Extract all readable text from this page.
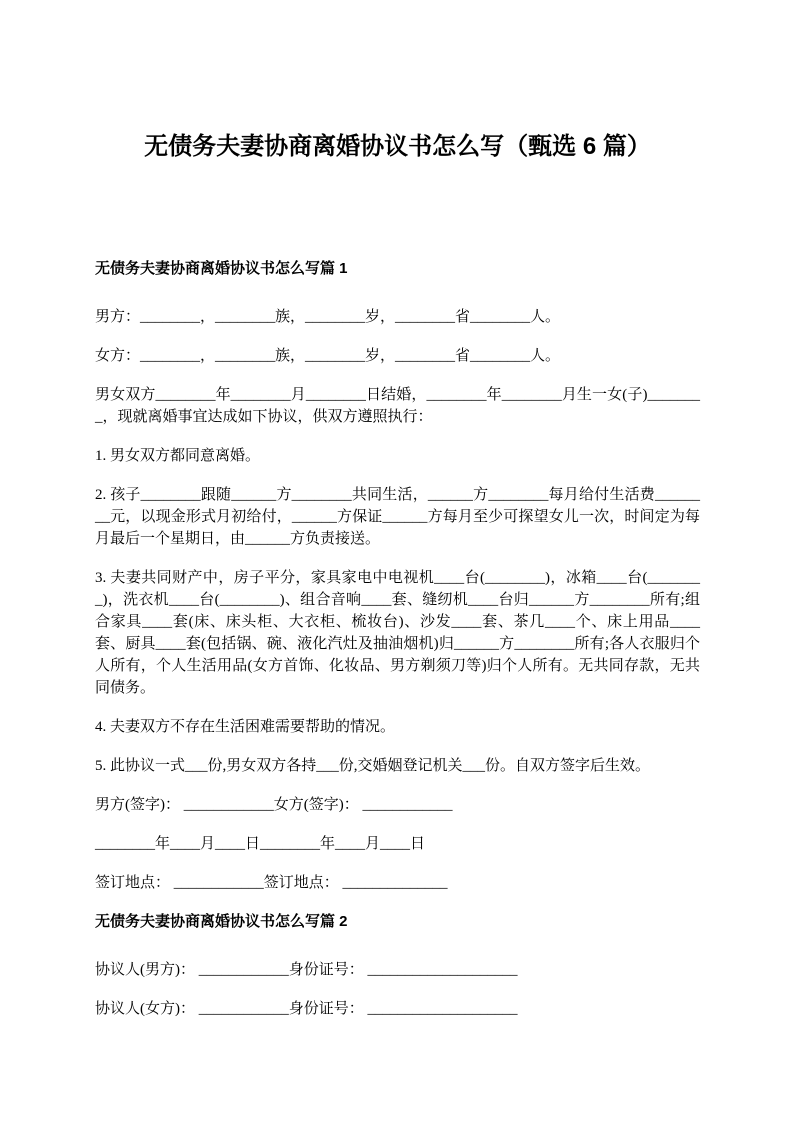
无债务夫妻协商离婚协议书怎么写（甄选 6 篇）
无债务夫妻协商离婚协议书怎么写篇 1

男方：________，________族，________岁，________省________人。

女方：________，________族，________岁，________省________人。

男女双方________年________月________日结婚，________年________月生一女(子)________，现就离婚事宜达成如下协议，供双方遵照执行：

1. 男女双方都同意离婚。

2. 孩子________跟随______方________共同生活，______方________每月给付生活费________元，以现金形式月初给付，______方保证______方每月至少可探望女儿一次，时间定为每月最后一个星期日，由______方负责接送。

3. 夫妻共同财产中，房子平分，家具家电中电视机____台(________)，冰箱____台(________)，洗衣机____台(________)、组合音响____套、缝纫机____台归______方________所有;组合家具____套(床、床头柜、大衣柜、梳妆台)、沙发____套、茶几____个、床上用品____套、厨具____套(包括锅、碗、液化汽灶及抽油烟机)归______方________所有;各人衣服归个人所有，个人生活用品(女方首饰、化妆品、男方剃须刀等)归个人所有。无共同存款，无共同债务。

4. 夫妻双方不存在生活困难需要帮助的情况。

5. 此协议一式___份,男女双方各持___份,交婚姻登记机关___份。自双方签字后生效。

男方(签字)： ____________女方(签字)： ____________

________年____月____日________年____月____日

签订地点： ____________签订地点： ______________

无债务夫妻协商离婚协议书怎么写篇 2

协议人(男方)： ____________身份证号： ____________________

协议人(女方)： ____________身份证号： ____________________
